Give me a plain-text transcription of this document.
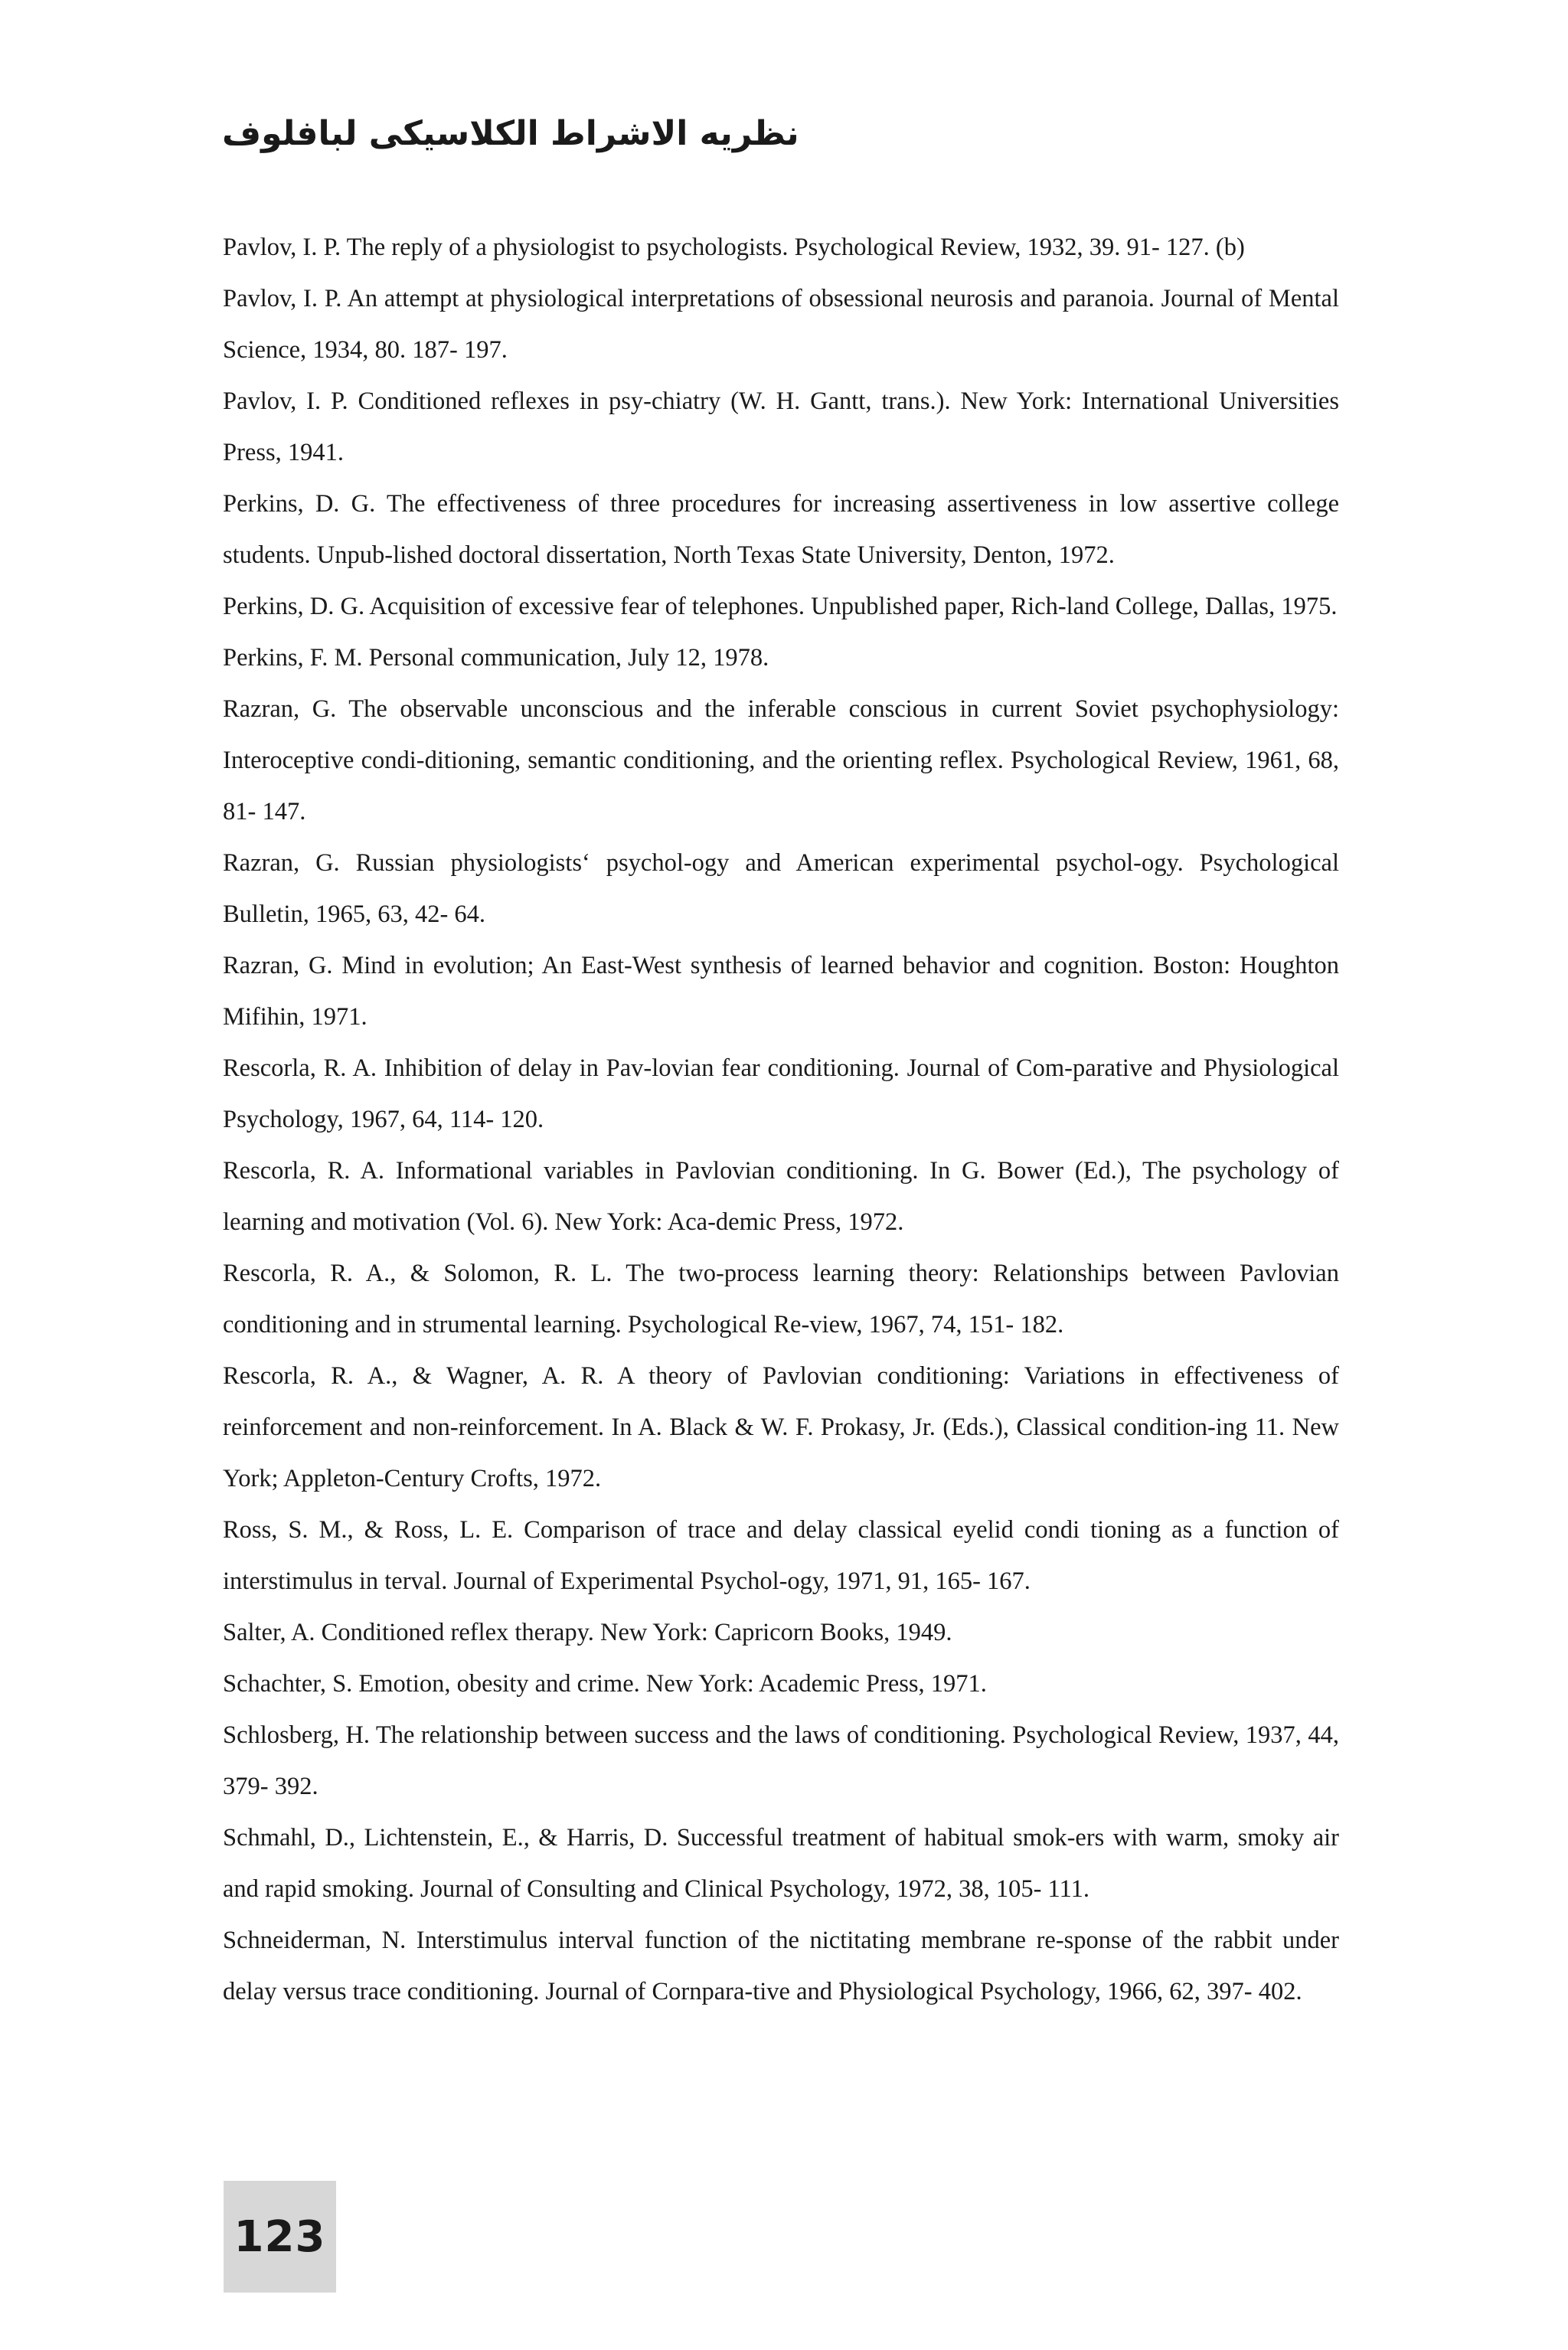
نظریه الاشراط الکلاسیکی لبافلوف
Pavlov, I. P. The reply of a physiologist to psychologists. Psychological Review, 1932, 39. 91- 127. (b)
Pavlov, I. P. An attempt at physiological interpretations of obsessional neurosis and paranoia. Journal of Mental Science, 1934, 80. 187- 197.
Pavlov, I. P. Conditioned reflexes in psy-chiatry (W. H. Gantt, trans.). New York: International Universities Press, 1941.
Perkins, D. G. The effectiveness of three procedures for increasing assertiveness in low assertive college students. Unpub-lished doctoral dissertation, North Texas State University, Denton, 1972.
Perkins, D. G. Acquisition of excessive fear of telephones. Unpublished paper, Rich-land College, Dallas, 1975.
Perkins, F. M. Personal communication, July 12, 1978.
Razran, G. The observable unconscious and the inferable conscious in current Soviet psychophysiology: Interoceptive condi-ditioning, semantic conditioning, and the orienting reflex. Psychological Review, 1961, 68, 81- 147.
Razran, G. Russian physiologists‘ psychol-ogy and American experimental psychol-ogy. Psychological Bulletin, 1965, 63, 42- 64.
Razran, G. Mind in evolution; An East-West synthesis of learned behavior and cognition. Boston: Houghton Mifihin, 1971.
Rescorla, R. A. Inhibition of delay in Pav-lovian fear conditioning. Journal of Com-parative and Physiological Psychology, 1967, 64, 114- 120.
Rescorla, R. A. Informational variables in Pavlovian conditioning. In G. Bower (Ed.), The psychology of learning and motivation (Vol. 6). New York: Aca-demic Press, 1972.
Rescorla, R. A., & Solomon, R. L. The two-process learning theory: Relationships between Pavlovian conditioning and in strumental learning. Psychological Re-view, 1967, 74, 151- 182.
Rescorla, R. A., & Wagner, A. R. A theory of Pavlovian conditioning: Variations in effectiveness of reinforcement and non-reinforcement. In A. Black & W. F. Prokasy, Jr. (Eds.), Classical condition-ing 11. New York; Appleton-Century Crofts, 1972.
Ross, S. M., & Ross, L. E. Comparison of trace and delay classical eyelid condi tioning as a function of interstimulus in terval. Journal of Experimental Psychol-ogy, 1971, 91, 165- 167.
Salter, A. Conditioned reflex therapy. New York: Capricorn Books, 1949.
Schachter, S. Emotion, obesity and crime. New York: Academic Press, 1971.
Schlosberg, H. The relationship between success and the laws of conditioning. Psychological Review, 1937, 44, 379- 392.
Schmahl, D., Lichtenstein, E., & Harris, D. Successful treatment of habitual smok-ers with warm, smoky air and rapid smoking. Journal of Consulting and Clinical Psychology, 1972, 38, 105- 111.
Schneiderman, N. Interstimulus interval function of the nictitating membrane re-sponse of the rabbit under delay versus trace conditioning. Journal of Cornpara-tive and Physiological Psychology, 1966, 62, 397- 402.
123
